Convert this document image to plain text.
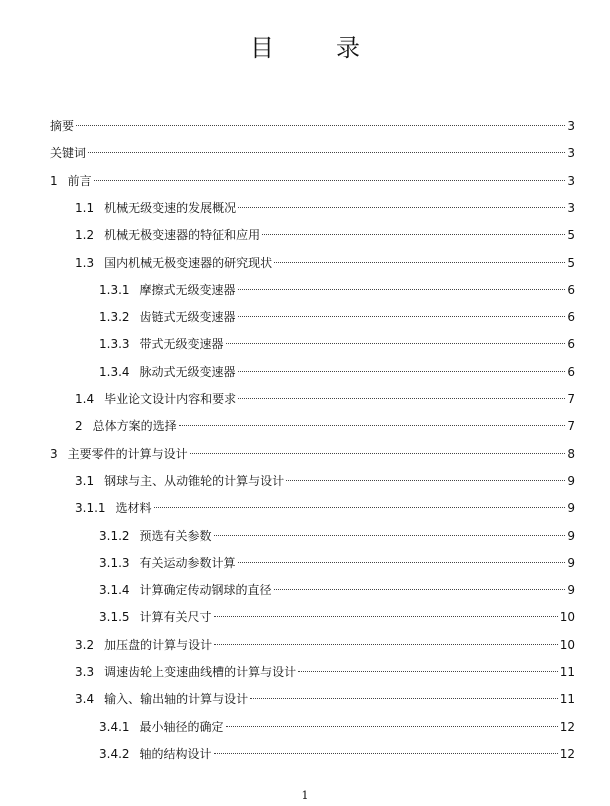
目	录
摘要	3
关键词	3
1 前言	3
1.1 机械无级变速的发展概况	3
1.2 机械无极变速器的特征和应用	5
1.3 国内机械无极变速器的研究现状	5
1.3.1 摩擦式无级变速器	6
1.3.2 齿链式无级变速器	6
1.3.3 带式无级变速器	6
1.3.4 脉动式无级变速器	6
1.4 毕业论文设计内容和要求	7
2 总体方案的选择	7
3 主要零件的计算与设计	8
3.1 钢球与主、从动锥轮的计算与设计	9
3.1.1 选材料	9
3.1.2 预选有关参数	9
3.1.3 有关运动参数计算	9
3.1.4 计算确定传动钢球的直径	9
3.1.5 计算有关尺寸	10
3.2 加压盘的计算与设计	10
3.3 调速齿轮上变速曲线槽的计算与设计	11
3.4 输入、输出轴的计算与设计	11
3.4.1 最小轴径的确定	12
3.4.2 轴的结构设计	12
1
